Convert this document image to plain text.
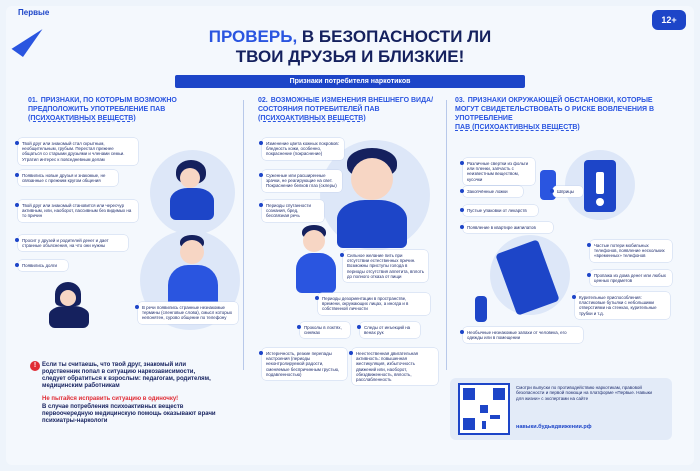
Первые
12+
ПРОВЕРЬ, В БЕЗОПАСНОСТИ ЛИ
ТВОИ ДРУЗЬЯ И БЛИЗКИЕ!
Признаки потребителя наркотиков
01. ПРИЗНАКИ, ПО КОТОРЫМ ВОЗМОЖНО ПРЕДПОЛОЖИТЬ УПОТРЕБЛЕНИЕ ПАВ
(ПСИХОАКТИВНЫХ ВЕЩЕСТВ)
02. ВОЗМОЖНЫЕ ИЗМЕНЕНИЯ ВНЕШНЕГО ВИДА/СОСТОЯНИЯ ПОТРЕБИТЕЛЕЙ ПАВ
(ПСИХОАКТИВНЫХ ВЕЩЕСТВ)
03. ПРИЗНАКИ ОКРУЖАЮЩЕЙ ОБСТАНОВКИ, КОТОРЫЕ МОГУТ СВИДЕТЕЛЬСТВОВАТЬ О РИСКЕ ВОВЛЕЧЕНИЯ В УПОТРЕБЛЕНИЕ
ПАВ (ПСИХОАКТИВНЫХ ВЕЩЕСТВ)
Твой друг или знакомый стал скрытным, необщительным, грубым. Перестал прежнее общаться со старыми друзьями и членами семьи. Утратил интерес к повседневным делам
Появились новые друзья и знакомые, не связанные с прежним кругом общения
Твой друг или знакомый становится или чересчур активным, или, наоборот, пассивным без видимых на то причин
Просит у друзей и родителей денег и дает странные объяснения, на что они нужны
Появились долги
В речи появились странные незнакомые термины (сленговые слова), смысл которых непонятен, сурово общение по телефону
Изменение цвета кожных покровов: бледность кожи, особенно, покраснение (покраснение)
Суженные или расширенные зрачки, не реагирующие на свет. Покраснение белков глаз (склеры)
Периоды спутанности сознания, бред, бессвязная речь
Сильное желание пить при отсутствии естественных причин. Возможны приступы голода в периоды отсутствия аппетита, вплоть до полного отказа от пищи
Периоды дезориентации в пространстве, времени, окружающих лицах, а иногда и в собственной личности
Проколы в локтях, синяках
Следы от инъекций на венах рук
Истеричность, резкие перепады настроения (периоды неконтролируемой радости, сменяемые беспричинным грустью, подавленностью)
Неестественная двигательная активность: повышенная жестикуляция, избыточность движений или, наоборот, обездвиженность, вялость, расслабленность
Различные свертки из фольги или пленки, запчасть с неизвестным веществом, кусочки
Шприцы
Закопчённые ложки
Пустые упаковки от лекарств
Появление в квартире ампилатов
Частые потери мобильных телефонов, появление нескольких «временных» телефонов
Пропажа из дома денег или любых ценных предметов
Курительные приспособления: пластиковые бутылки с небольшими отверстиями на стенках, курительные трубки и т.д.
Необычные незнакомые запахи от человека, его одежды или в помещении
! Если ты считаешь, что твой друг, знакомый или родственник попал в ситуацию наркозависимости, следует обратиться к взрослым: педагогам, родителям, медицинским работникам
Не пытайся исправить ситуацию в одиночку!
В случае потребления психоактивных веществ первоочередную медицинскую помощь оказывают врачи психиатры-наркологи
Смотри выпуски по противодействию наркотикам, правовой безопасности и первой помощи на платформе «Первые. Навыки для жизни» с экспертами на сайте
навыки.будьвдвижении.рф
